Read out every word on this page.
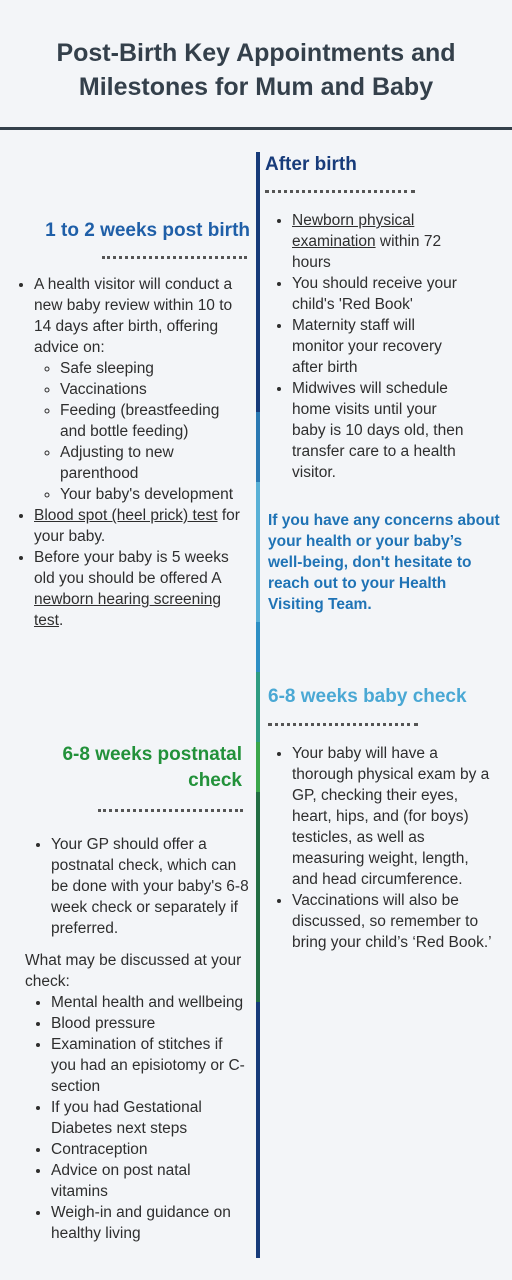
Post-Birth Key Appointments and Milestones for Mum and Baby
After birth
• Newborn physical examination within 72 hours
• You should receive your child's 'Red Book'
• Maternity staff will monitor your recovery after birth
• Midwives will schedule home visits until your baby is 10 days old, then transfer care to a health visitor.
1 to 2 weeks post birth
• A health visitor will conduct a new baby review within 10 to 14 days after birth, offering advice on:
◦ Safe sleeping
◦ Vaccinations
◦ Feeding (breastfeeding and bottle feeding)
◦ Adjusting to new parenthood
◦ Your baby's development
• Blood spot (heel prick) test for your baby.
• Before your baby is 5 weeks old you should be offered A newborn hearing screening test.
If you have any concerns about your health or your baby’s well-being, don't hesitate to reach out to your Health Visiting Team.
6-8 weeks baby check
• Your baby will have a thorough physical exam by a GP, checking their eyes, heart, hips, and (for boys) testicles, as well as measuring weight, length, and head circumference.
• Vaccinations will also be discussed, so remember to bring your child’s ‘Red Book.’
6-8 weeks postnatal check
• Your GP should offer a postnatal check, which can be done with your baby's 6-8 week check or separately if preferred.
What may be discussed at your check:
• Mental health and wellbeing
• Blood pressure
• Examination of stitches if you had an episiotomy or C-section
• If you had Gestational Diabetes next steps
• Contraception
• Advice on post natal vitamins
• Weigh-in and guidance on healthy living
